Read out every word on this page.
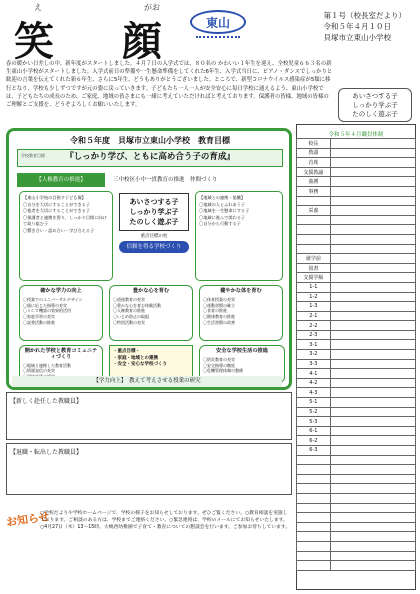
え	がお
笑 顔	東山	第１号（校長室だより）
令和５年４月１０日
貝塚市立東山小学校
春の暖かい日差しの中、新年度がスタートしました。４月７日の入学式では、８０名の かわいい１年生を迎え、全校児童６６３名の新生東山小学校がスタートしました。入学式前日の準備や一生懸命準備をしてくれた6年生、入学式当日に、ピアノ・ダンスでしっかりと歓迎の言葉を伝えてくれた新６年生、さらに5年生、どうもありがとうございました。ところで、新型コロナウイルス感染症が5類に移行となり、学校も少しずつですが元の姿に戻っていきます。子どもたち一人一人が安全安心に毎日学校に通えるよう、東山小学校では、子どもたちの成長のため、ご家庭、地域の皆さまにも一緒に考えていただければと考えております。保護者の皆様、地域の皆様のご理解とご支援を、どうぞよろしくお願いいたします。
あいさつする子
しっかり学ぶ子
たのしく遊ぶ子
令和５年度　貝塚市立東山小学校　教育目標
『しっかり学び、ともに高め合う子の育成』
学校教育目標
【人権教育の推進】	三中校区小中一貫教育の推進　仲間づくり
【東山小学校の目指す子ども像】
〇自分を大切にすることができる子
〇他者を大切にすることができる子
〇保護者と連携を図り、しっかり目標に向けて取り組む子
〇響き合い・認め合い・学び合える子
あいさつする子
しっかり学ぶ子
たのしく遊ぶ子
重点目標の柱
信頼を得る学校づくり
【地域との連携・協働】
〇地域の人とふれあう子
〇地域を一生懸命にする子
〇地域に進んで関わる子
〇自分から行動する子
確かな学力の向上
〇授業でのユニバーサルデザイン
〇個に応じた指導の充実
〇ＩＣＴ機器の効果的活用
〇家庭学習の充実
〇読書活動の推進
豊かな心を育む
〇道徳教育の充実
〇豊かな心を育む体験活動
〇人権教育の推進
〇いじめ防止の取組
〇特別活動の充実
健やかな体を育む
〇体育授業の充実
〇運動習慣の確立
〇食育の推進
〇健康教育の推進
〇生活習慣の改善
開かれた学校と教育コミュニティづくり
〇地域と連携した教育活動
〇情報発信の充実
・重点目標・
・家庭・地域との連携
・安全・安心な学校づくり
安全な学校生活の推進
〇防災教育の充実
〇安全指導の徹底
〇危機管理体制の整備
【学力向上】　教えて考えさせる授業の研究
【新しく赴任した教職員】
【退職・転出した教職員】
お知らせ
○学校だよりや学校ホームページで、学校の様子をお知らせしております。ぜひご覧ください。○教育相談を実施しております。ご相談のある方は、学校までご連絡ください。○緊急連絡は、学校のメールにてお知らせいたします。○4月27日（木）13～15時、大嶋西幼稚園で子育て・教育についての懇談会を行います。ご参加お待ちしています。
令和５年４月職員体制
校長	
教頭	
首席	
支援教諭	
養護	
事務	

栄養	

就学前	
図書	
支援学級	
1-1	
1-2	
1-3	
2-1	
2-2	
2-3	
3-1	
3-2	
3-3	
4-1	
4-2	
4-3	
5-1	
5-2	
5-3	
6-1	
6-2	
6-3	
